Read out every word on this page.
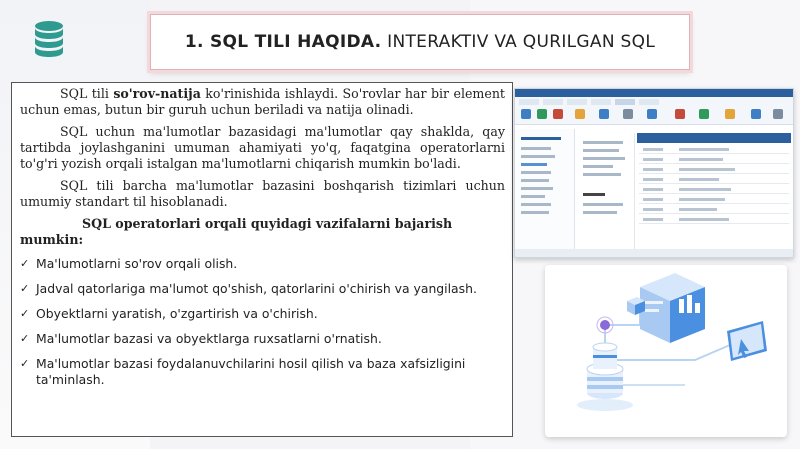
1. SQL TILI HAQIDA. INTERAKTIV VA QURILGAN SQL

SQL tili so'rov-natija ko'rinishida ishlaydi. So'rovlar har bir element uchun emas, butun bir guruh uchun beriladi va natija olinadi.

SQL uchun ma'lumotlar bazasidagi ma'lumotlar qay shaklda, qay tartibda joylashganini umuman ahamiyati yo'q, faqatgina operatorlarni to'g'ri yozish orqali istalgan ma'lumotlarni chiqarish mumkin bo'ladi.

SQL tili barcha ma'lumotlar bazasini boshqarish tizimlari uchun umumiy standart til hisoblanadi.

SQL operatorlari orqali quyidagi vazifalarni bajarish mumkin:

✓ Ma'lumotlarni so'rov orqali olish.
✓ Jadval qatorlariga ma'lumot qo'shish, qatorlarini o'chirish va yangilash.
✓ Obyektlarni yaratish, o'zgartirish va o'chirish.
✓ Ma'lumotlar bazasi va obyektlarga ruxsatlarni o'rnatish.
✓ Ma'lumotlar bazasi foydalanuvchilarini hosil qilish va baza xafsizligini ta'minlash.
